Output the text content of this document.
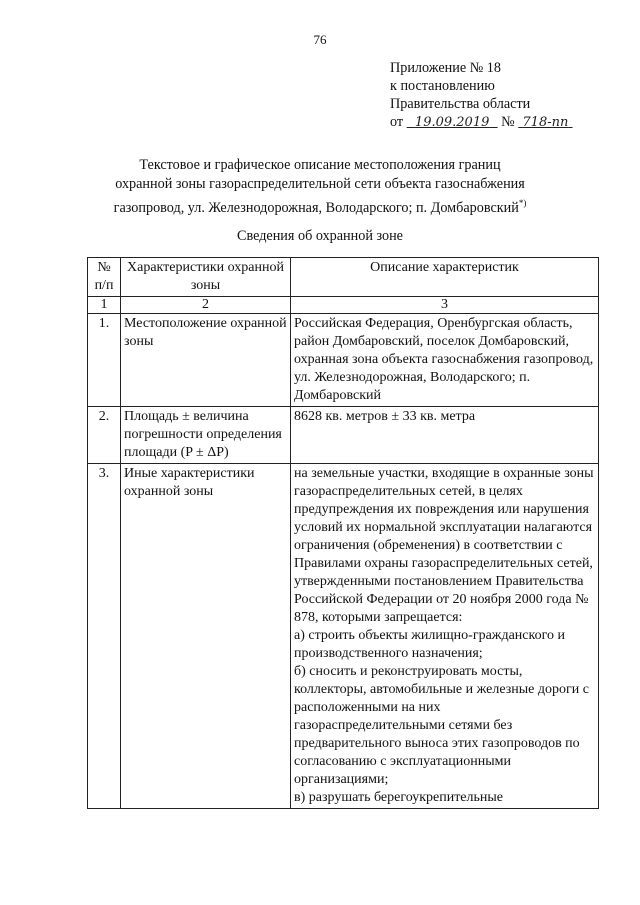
76
Приложение № 18
к постановлению
Правительства области
от 19.09.2019 № 718-пп
Текстовое и графическое описание местоположения границ
охранной зоны газораспределительной сети объекта газоснабжения
газопровод, ул. Железнодорожная, Володарского; п. Домбаровский*)
Сведения об охранной зоне
№ п/п	Характеристики охранной зоны	Описание характеристик
1	2	3
1.	Местоположение охранной зоны	Российская Федерация, Оренбургская область, район Домбаровский, поселок Домбаровский, охранная зона объекта газоснабжения газопровод, ул. Железнодорожная, Володарского; п. Домбаровский

2.	Площадь ± величина погрешности определения площади (P ± ΔP)	8628 кв. метров ± 33 кв. метра

3.	Иные характеристики охранной зоны	на земельные участки, входящие в охранные зоны газораспределительных сетей, в целях предупреждения их повреждения или нарушения условий их нормальной эксплуатации налагаются ограничения (обременения) в соответствии с Правилами охраны газораспределительных сетей, утвержденными постановлением Правительства Российской Федерации от 20 ноября 2000 года № 878, которыми запрещается:
а) строить объекты жилищно-гражданского и производственного назначения;
б) сносить и реконструировать мосты, коллекторы, автомобильные и железные дороги с расположенными на них газораспределительными сетями без предварительного выноса этих газопроводов по согласованию с эксплуатационными организациями;
в) разрушать берегоукрепительные
